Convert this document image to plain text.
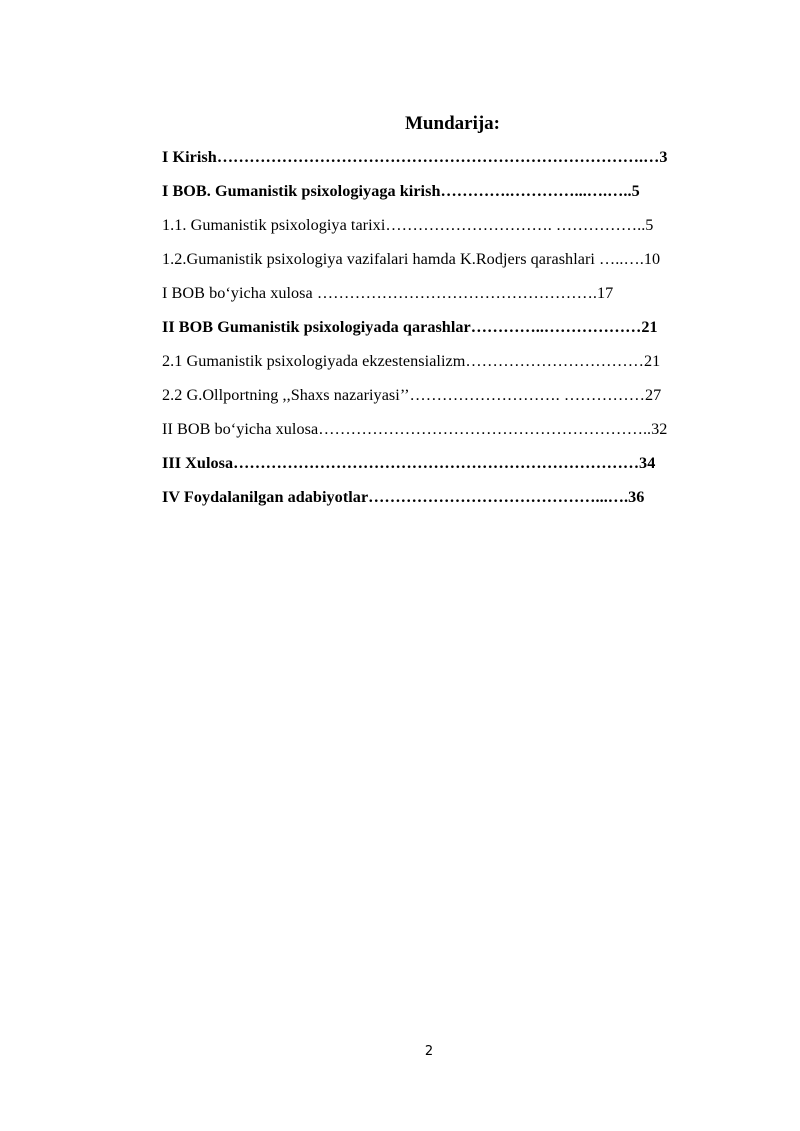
Mundarija:
I Kirish…………………………………………………………………….…3
I BOB. Gumanistik psixologiyaga kirish………….…………...….…..5
1.1. Gumanistik psixologiya tarixi…………………………. ……………..5
1.2.Gumanistik psixologiya vazifalari hamda K.Rodjers qarashlari …..….10
I BOB bo‘yicha xulosa …………………………………………….17
II BOB Gumanistik psixologiyada qarashlar…………..………………21
2.1 Gumanistik psixologiyada ekzestensializm……………………………21
2.2 G.Ollportning ,,Shaxs nazariyasi’’………………………. ……………27
II BOB bo‘yicha xulosa……………………………………………………..32
III Xulosa…………………………………………………………………34
IV Foydalanilgan adabiyotlar……………………………………...….36
2
